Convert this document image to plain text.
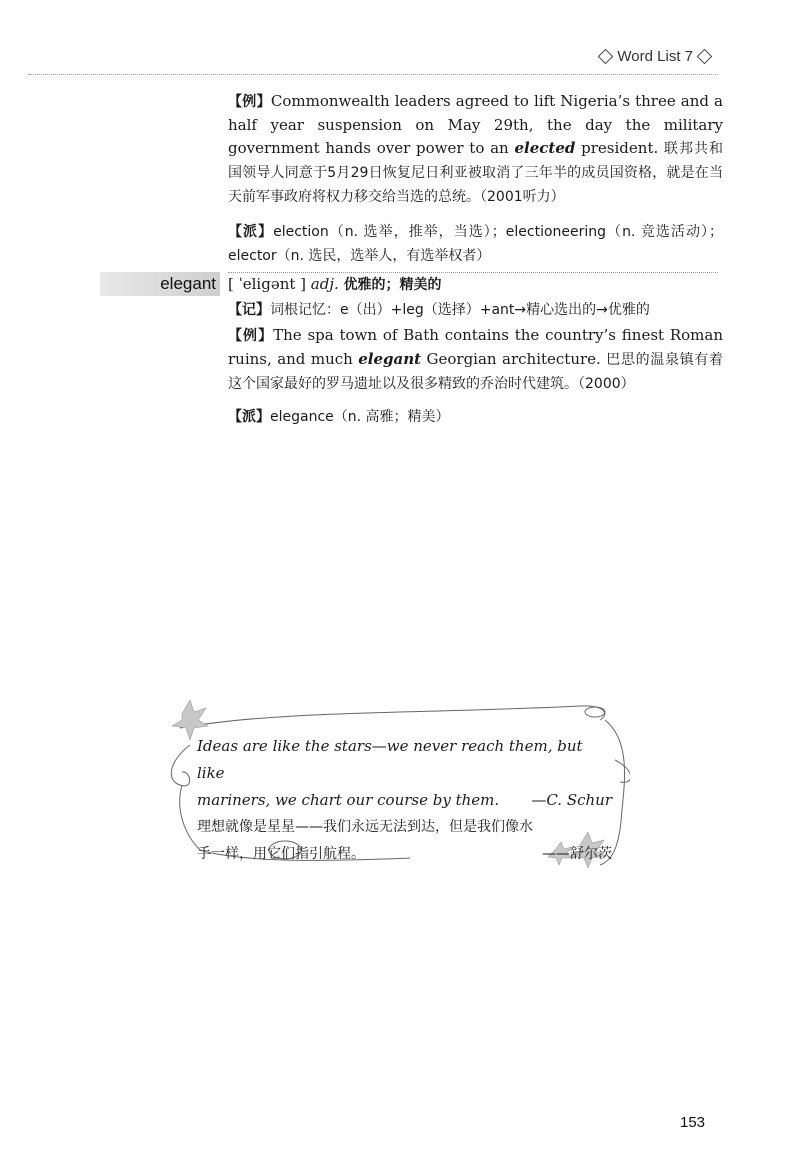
Word List 7
【例】Commonwealth leaders agreed to lift Nigeria’s three and a half year suspension on May 29th, the day the military government hands over power to an elected president. 联邦共和国领导人同意于5月29日恢复尼日利亚被取消了三年半的成员国资格，就是在当天前军事政府将权力移交给当选的总统。（2001听力）
【派】election（n. 选举，推举，当选）；electioneering（n. 竞选活动）；elector（n. 选民，选举人，有选举权者）
elegant [ ˈeligənt ] adj. 优雅的；精美的
【记】词根记忆：e（出）+leg（选择）+ant→精心选出的→优雅的
【例】The spa town of Bath contains the country’s finest Roman ruins, and much elegant Georgian architecture. 巴思的温泉镇有着这个国家最好的罗马遗址以及很多精致的乔治时代建筑。（2000）
【派】elegance（n. 高雅；精美）
Ideas are like the stars—we never reach them, but like
mariners, we chart our course by them. —C. Schur
理想就像是星星——我们永远无法到达，但是我们像水
手一样，用它们指引航程。	——舒尔茨
153
